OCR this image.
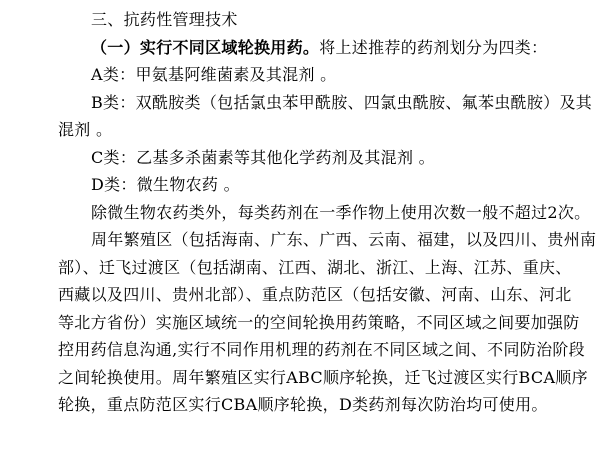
三、抗药性管理技术
（一）实行不同区域轮换用药。将上述推荐的药剂划分为四类：
A类：甲氨基阿维菌素及其混剂 。
B类：双酰胺类（包括氯虫苯甲酰胺、四氯虫酰胺、氟苯虫酰胺）及其
混剂 。
C类：乙基多杀菌素等其他化学药剂及其混剂 。
D类：微生物农药 。
除微生物农药类外，每类药剂在一季作物上使用次数一般不超过2次。
周年繁殖区（包括海南、广东、广西、云南、福建，以及四川、贵州南
部）、迁飞过渡区（包括湖南、江西、湖北、浙江、上海、江苏、重庆、
西藏以及四川、贵州北部）、重点防范区（包括安徽、河南、山东、河北
等北方省份）实施区域统一的空间轮换用药策略，不同区域之间要加强防
控用药信息沟通,实行不同作用机理的药剂在不同区域之间、不同防治阶段
之间轮换使用。周年繁殖区实行ABC顺序轮换，迁飞过渡区实行BCA顺序
轮换，重点防范区实行CBA顺序轮换，D类药剂每次防治均可使用。
